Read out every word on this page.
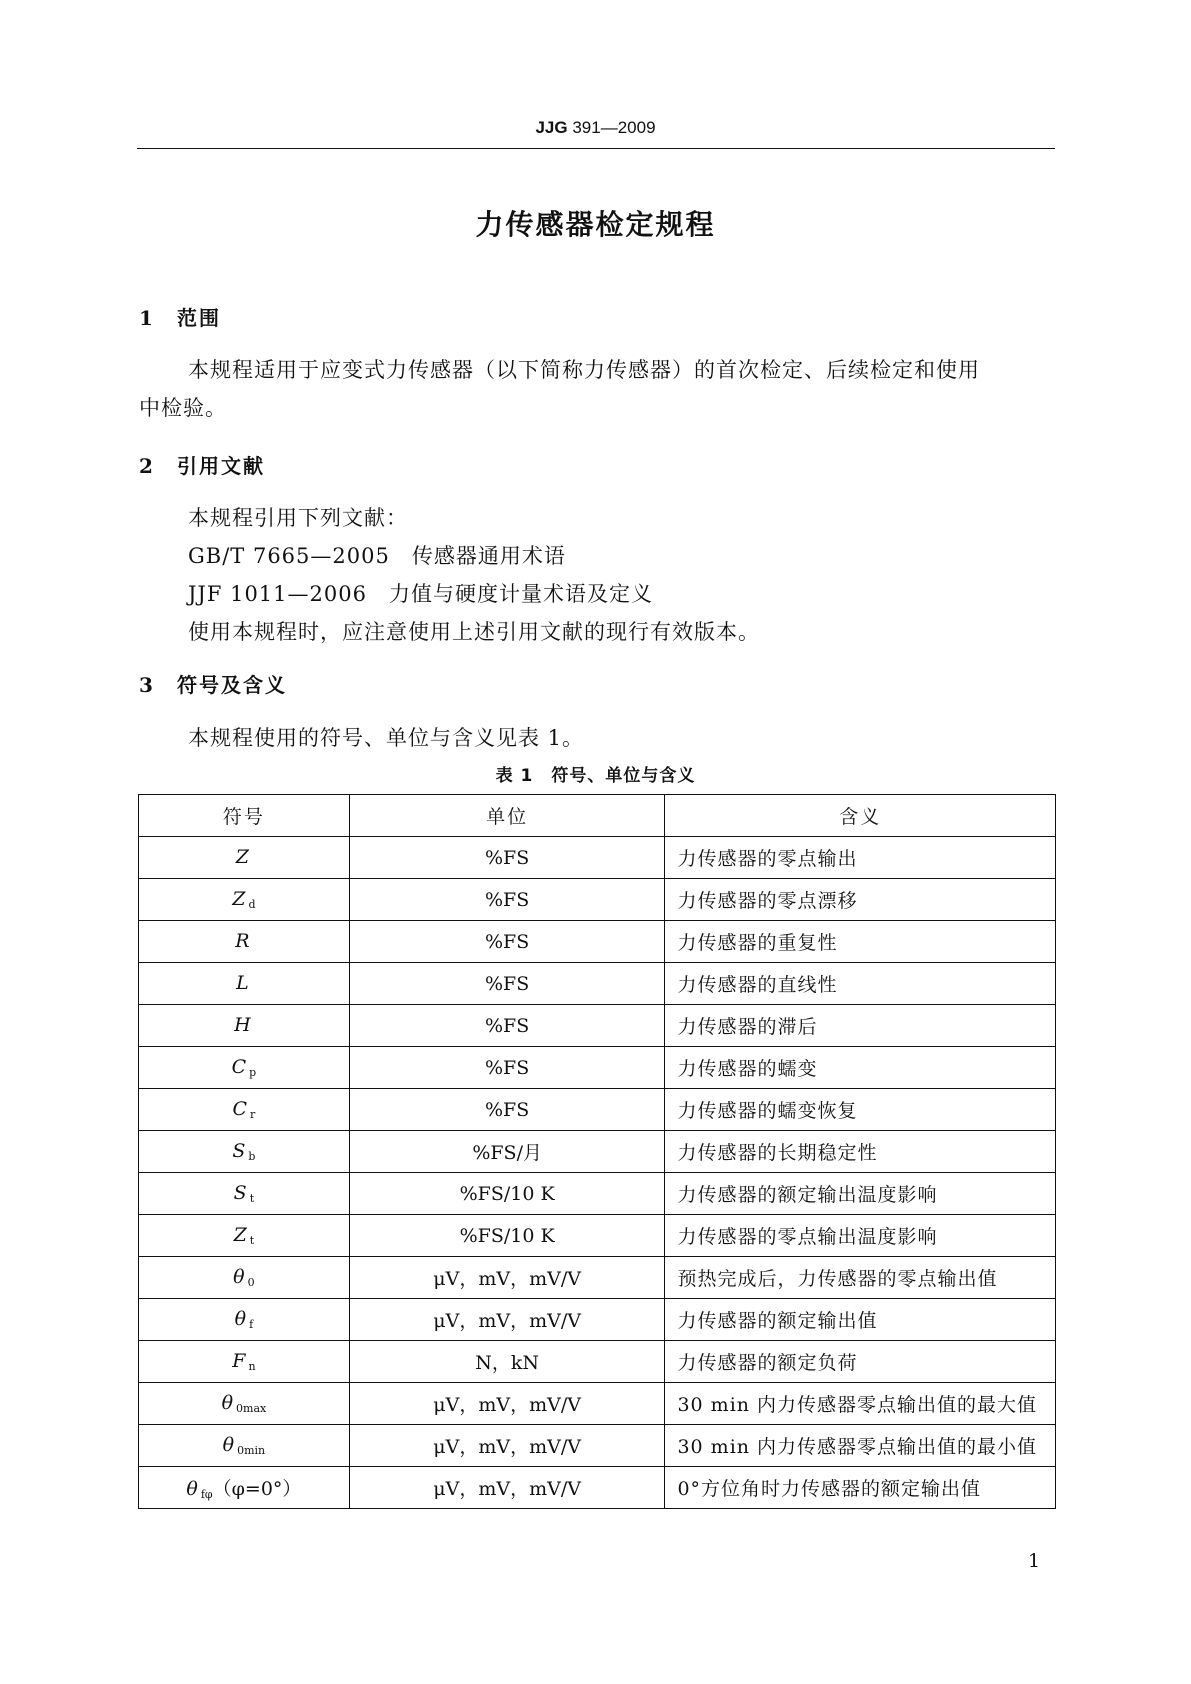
JJG 391—2009
力传感器检定规程
1 范围
本规程适用于应变式力传感器（以下简称力传感器）的首次检定、后续检定和使用
中检验。
2 引用文献
本规程引用下列文献：
GB/T 7665—2005　 传感器通用术语
JJF 1011—2006　 力值与硬度计量术语及定义
使用本规程时，应注意使用上述引用文献的现行有效版本。
3 符号及含义
本规程使用的符号、单位与含义见表 1。
表 1　符号、单位与含义
符号	单位	含义
Z	%FS	力传感器的零点输出
Z $_d$	%FS	力传感器的零点漂移
R	%FS	力传感器的重复性
L	%FS	力传感器的直线性
H	%FS	力传感器的滞后
C $_p$	%FS	力传感器的蠕变
C $_r$	%FS	力传感器的蠕变恢复
S $_b$	%FS/月	力传感器的长期稳定性
S $_t$	%FS/10 K	力传感器的额定输出温度影响
Z $_t$	%FS/10 K	力传感器的零点输出温度影响
θ $_0$	μV，mV，mV/V	预热完成后，力传感器的零点输出值
θ $_f$	μV，mV，mV/V	力传感器的额定输出值
F $_n$	N，kN	力传感器的额定负荷
θ $_{0max}$	μV，mV，mV/V	30 min 内力传感器零点输出值的最大值
θ $_{0min}$	μV，mV，mV/V	30 min 内力传感器零点输出值的最小值
θ $_{f\varphi}$（φ=0°）	μV，mV，mV/V	0°方位角时力传感器的额定输出值
1
